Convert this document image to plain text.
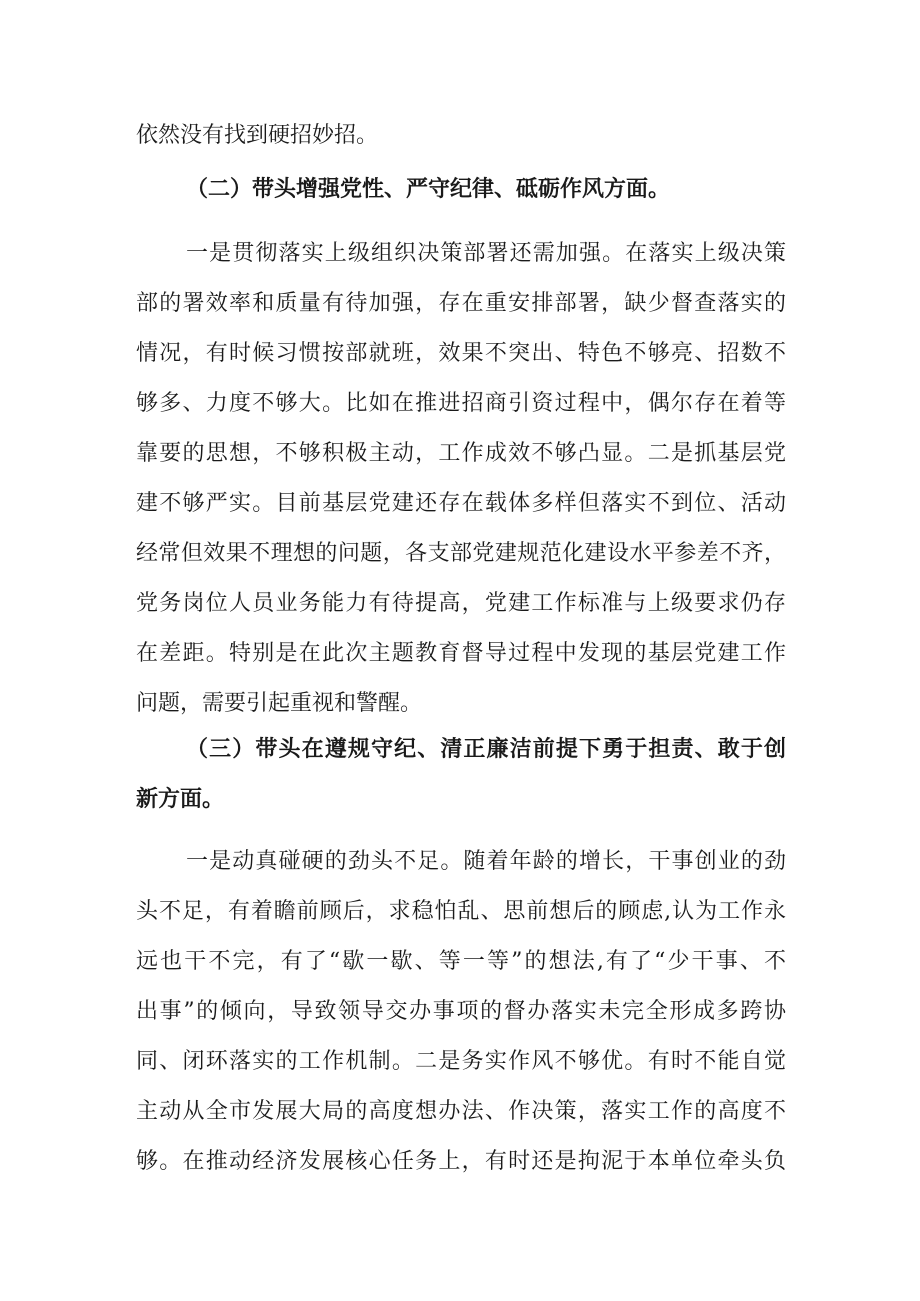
依然没有找到硬招妙招。
（二）带头增强党性、严守纪律、砥砺作风方面。
一是贯彻落实上级组织决策部署还需加强。在落实上级决策
部的署效率和质量有待加强，存在重安排部署，缺少督查落实的
情况，有时候习惯按部就班，效果不突出、特色不够亮、招数不
够多、力度不够大。比如在推进招商引资过程中，偶尔存在着等
靠要的思想，不够积极主动，工作成效不够凸显。二是抓基层党
建不够严实。目前基层党建还存在载体多样但落实不到位、活动
经常但效果不理想的问题，各支部党建规范化建设水平参差不齐，
党务岗位人员业务能力有待提高，党建工作标准与上级要求仍存
在差距。特别是在此次主题教育督导过程中发现的基层党建工作
问题，需要引起重视和警醒。
（三）带头在遵规守纪、清正廉洁前提下勇于担责、敢于创
新方面。
一是动真碰硬的劲头不足。随着年龄的增长，干事创业的劲
头不足，有着瞻前顾后，求稳怕乱、思前想后的顾虑,认为工作永
远也干不完，有了“歇一歇、等一等”的想法,有了“少干事、不
出事”的倾向，导致领导交办事项的督办落实未完全形成多跨协
同、闭环落实的工作机制。二是务实作风不够优。有时不能自觉
主动从全市发展大局的高度想办法、作决策，落实工作的高度不
够。在推动经济发展核心任务上，有时还是拘泥于本单位牵头负
